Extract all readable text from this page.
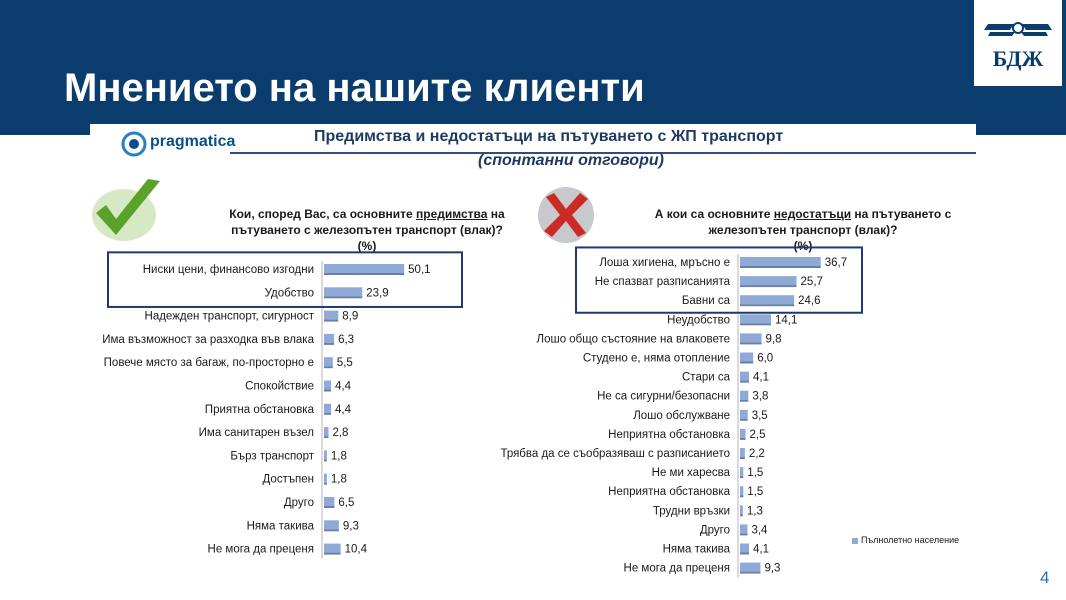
Мнението на нашите клиенти
БДЖ
pragmatica	Предимства и недостатъци на пътуването с ЖП транспорт
(спонтанни отговори)
Кои, според Вас, са основните предимства на пътуването с железопътен транспорт (влак)?
(%)
А кои са основните недостатъци на пътуването с железопътен транспорт (влак)?
(%)
Ниски цени, финансово изгодни	50,1
Удобство	23,9
Надежден транспорт, сигурност 8,9
Има възможност за разходка във влака 6,3
Повече място за багаж, по-просторно е 5,5
Спокойствие 4,4
Приятна обстановка 4,4
Има санитарен възел 2,8
Бърз транспорт 1,8
Достъпен 1,8
Друго 6,5
Няма такива	9,3
Не мога да преценя	10,4
Лоша хигиена, мръсно е	36,7
Не спазват разписанията	25,7
Бавни са	24,6
Неудобство	14,1
Лошо общо състояние на влаковете	9,8
Студено е, няма отопление 6,0
Стари са 4,1
Не са сигурни/безопасни 3,8
Лошо обслужване 3,5
Неприятна обстановка 2,5
Трябва да се съобразяваш с разписанието 2,2
Не ми харесва 1,5
Неприятна обстановка 1,5
Трудни връзки 1,3
Друго 3,4
Няма такива 4,1
Не мога да преценя	9,3
Пълнолетно население
4
